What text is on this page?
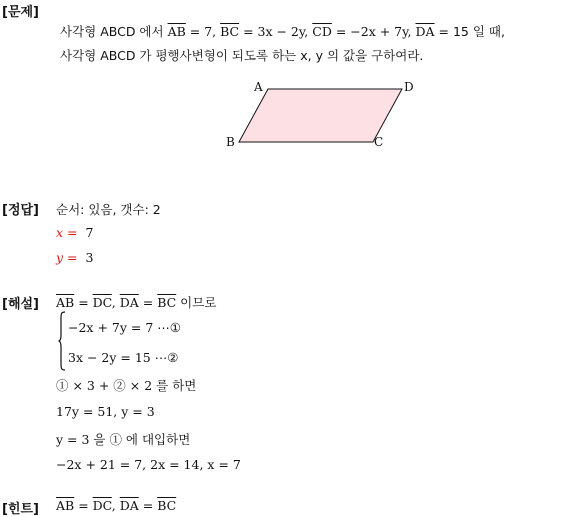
[문제]
사각형 ABCD 에서 $\overline{AB} = 7$, $\overline{BC} = 3x - 2y$, $\overline{CD} = -2x + 7y$, $\overline{DA} = 15$ 일 때,
사각형 ABCD 가 평행사변형이 되도록 하는 x, y 의 값을 구하여라.
A	D
B	C
[정답] 순서: 있음, 갯수: 2
x = 7
y = 3
[해설] $\overline{AB} = \overline{DC}$, $\overline{DA} = \overline{BC}$ 이므로
−2x + 7y = 7 ⋯①
3x − 2y = 15 ⋯②
① × 3 + ② × 2 를 하면
17y = 51, y = 3
y = 3 을 ① 에 대입하면
−2x + 21 = 7, 2x = 14, x = 7
[힌트] $\overline{AB} = \overline{DC}$, $\overline{DA} = \overline{BC}$
